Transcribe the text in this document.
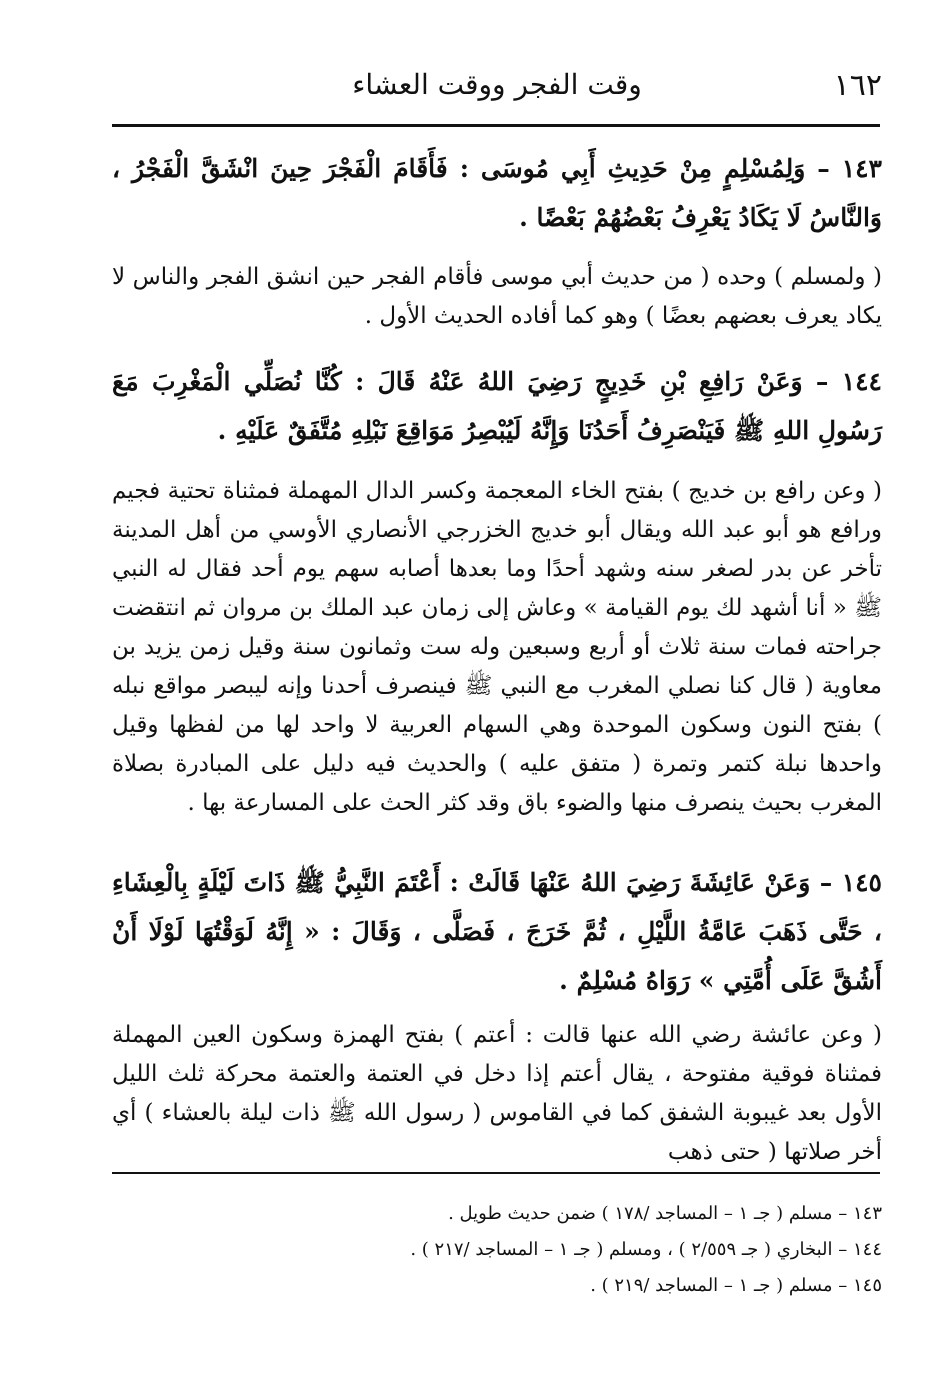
١٦٢
وقت الفجر ووقت العشاء
١٤٣ – وَلِمُسْلِمٍ مِنْ حَدِيثِ أَبِي مُوسَى : فَأَقَامَ الْفَجْرَ حِينَ انْشَقَّ الْفَجْرُ ، وَالنَّاسُ لَا يَكَادُ يَعْرِفُ بَعْضُهُمْ بَعْضًا .
( ولمسلم ) وحده ( من حديث أبي موسى فأقام الفجر حين انشق الفجر والناس لا يكاد يعرف بعضهم بعضًا ) وهو كما أفاده الحديث الأول .
١٤٤ – وَعَنْ رَافِعِ بْنِ خَدِيجٍ رَضِيَ اللهُ عَنْهُ قَالَ : كُنَّا نُصَلِّي الْمَغْرِبَ مَعَ رَسُولِ اللهِ ﷺ فَيَنْصَرِفُ أَحَدُنَا وَإِنَّهُ لَيُبْصِرُ مَوَاقِعَ نَبْلِهِ مُتَّفَقٌ عَلَيْهِ .
( وعن رافع بن خديج ) بفتح الخاء المعجمة وكسر الدال المهملة فمثناة تحتية فجيم ورافع هو أبو عبد الله ويقال أبو خديج الخزرجي الأنصاري الأوسي من أهل المدينة تأخر عن بدر لصغر سنه وشهد أحدًا وما بعدها أصابه سهم يوم أحد فقال له النبي ﷺ « أنا أشهد لك يوم القيامة » وعاش إلى زمان عبد الملك بن مروان ثم انتقضت جراحته فمات سنة ثلاث أو أربع وسبعين وله ست وثمانون سنة وقيل زمن يزيد بن معاوية ( قال كنا نصلي المغرب مع النبي ﷺ فينصرف أحدنا وإنه ليبصر مواقع نبله ) بفتح النون وسكون الموحدة وهي السهام العربية لا واحد لها من لفظها وقيل واحدها نبلة كتمر وتمرة ( متفق عليه ) والحديث فيه دليل على المبادرة بصلاة المغرب بحيث ينصرف منها والضوء باق وقد كثر الحث على المسارعة بها .
١٤٥ – وَعَنْ عَائِشَةَ رَضِيَ اللهُ عَنْهَا قَالَتْ : أَعْتَمَ النَّبِيُّ ﷺ ذَاتَ لَيْلَةٍ بِالْعِشَاءِ ، حَتَّى ذَهَبَ عَامَّةُ اللَّيْلِ ، ثُمَّ خَرَجَ ، فَصَلَّى ، وَقَالَ : « إِنَّهُ لَوَقْتُهَا لَوْلَا أَنْ أَشُقَّ عَلَى أُمَّتِي » رَوَاهُ مُسْلِمٌ .
( وعن عائشة رضي الله عنها قالت : أعتم ) بفتح الهمزة وسكون العين المهملة فمثناة فوقية مفتوحة ، يقال أعتم إذا دخل في العتمة والعتمة محركة ثلث الليل الأول بعد غيبوبة الشفق كما في القاموس ( رسول الله ﷺ ذات ليلة بالعشاء ) أي أخر صلاتها ( حتى ذهب
١٤٣ – مسلم ( جـ ١ – المساجد /١٧٨ ) ضمن حديث طويل .
١٤٤ – البخاري ( جـ ٢/٥٥٩ ) ، ومسلم ( جـ ١ – المساجد /٢١٧ ) .
١٤٥ – مسلم ( جـ ١ – المساجد /٢١٩ ) .
